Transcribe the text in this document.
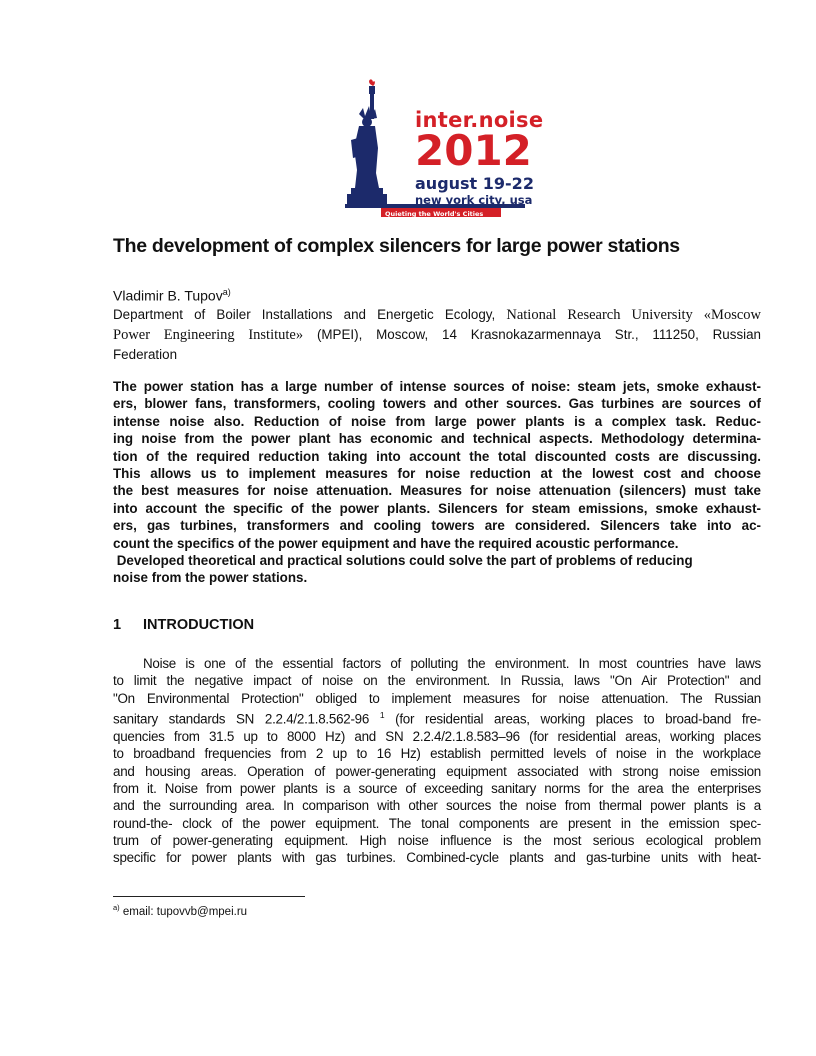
inter.noise
2012
august 19-22
new york city, usa
Quieting the World's Cities
The development of complex silencers for large power stations
Vladimir B. Tupov$^{a)}$
Department of Boiler Installations and Energetic Ecology, National Research University «Moscow
Power Engineering Institute» (MPEI), Moscow, 14 Krasnokazarmennaya Str., 111250, Russian
Federation
The power station has a large number of intense sources of noise: steam jets, smoke exhaust-
ers, blower fans, transformers, cooling towers and other sources. Gas turbines are sources of
intense noise also. Reduction of noise from large power plants is a complex task. Reduc-
ing noise from the power plant has economic and technical aspects. Methodology determina-
tion of the required reduction taking into account the total discounted costs are discussing.
This allows us to implement measures for noise reduction at the lowest cost and choose
the best measures for noise attenuation. Measures for noise attenuation (silencers) must take
into account the specific of the power plants. Silencers for steam emissions, smoke exhaust-
ers, gas turbines, transformers and cooling towers are considered. Silencers take into ac-
count the specifics of the power equipment and have the required acoustic performance.
Developed theoretical and practical solutions could solve the part of problems of reducing
noise from the power stations.
1 INTRODUCTION
Noise is one of the essential factors of polluting the environment. In most countries have laws
to limit the negative impact of noise on the environment. In Russia, laws "On Air Protection" and
"On Environmental Protection" obliged to implement measures for noise attenuation. The Russian
sanitary standards SN 2.2.4/2.1.8.562-96 $^1$ (for residential areas, working places to broad-band fre-
quencies from 31.5 up to 8000 Hz) and SN 2.2.4/2.1.8.583–96 (for residential areas, working places
to broadband frequencies from 2 up to 16 Hz) establish permitted levels of noise in the workplace
and housing areas. Operation of power-generating equipment associated with strong noise emission
from it. Noise from power plants is a source of exceeding sanitary norms for the area the enterprises
and the surrounding area. In comparison with other sources the noise from thermal power plants is a
round-the- clock of the power equipment. The tonal components are present in the emission spec-
trum of power-generating equipment. High noise influence is the most serious ecological problem
specific for power plants with gas turbines. Combined-cycle plants and gas-turbine units with heat-
$^{a)}$ email: tupovvb@mpei.ru
